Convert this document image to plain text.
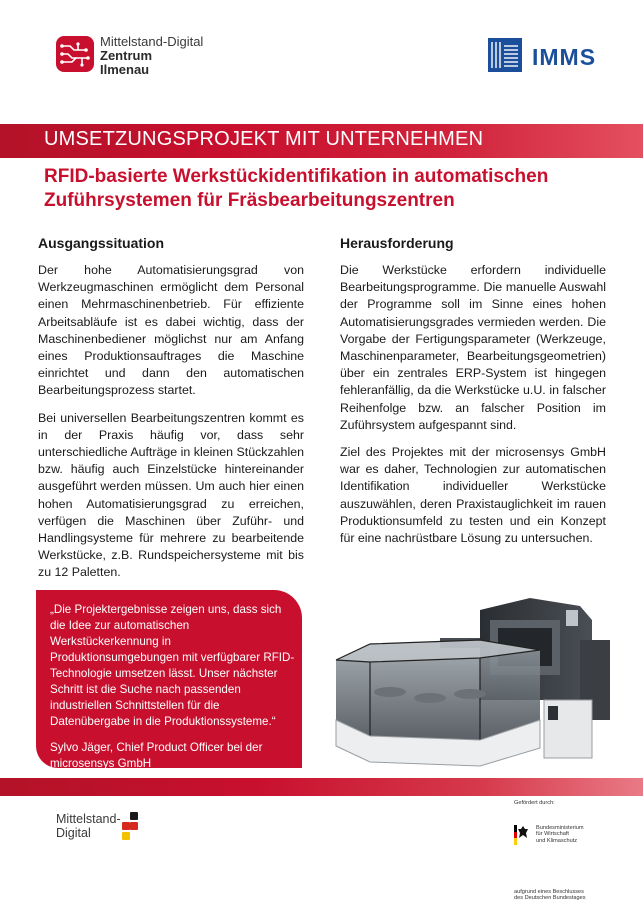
Mittelstand-Digital
Zentrum
Ilmenau	IMMS
UMSETZUNGSPROJEKT MIT UNTERNEHMEN
RFID-basierte Werkstückidentifikation in automatischen
Zuführsystemen für Fräsbearbeitungszentren
Ausgangssituation

Der hohe Automatisierungsgrad von Werkzeugmaschinen ermöglicht dem Personal einen Mehrmaschinenbetrieb. Für effiziente Arbeitsabläufe ist es dabei wichtig, dass der Maschinenbediener möglichst nur am Anfang eines Produktionsauftrages die Maschine einrichtet und dann den automatischen Bearbeitungsprozess startet.

Bei universellen Bearbeitungszentren kommt es in der Praxis häufig vor, dass sehr unterschiedliche Aufträge in kleinen Stückzahlen bzw. häufig auch Einzelstücke hintereinander ausgeführt werden müssen. Um auch hier einen hohen Automatisierungsgrad zu erreichen, verfügen die Maschinen über Zuführ- und Handlingsysteme für mehrere zu bearbeitende Werkstücke, z.B. Rundspeichersysteme mit bis zu 12 Paletten.

Herausforderung

Die Werkstücke erfordern individuelle Bearbeitungsprogramme. Die manuelle Auswahl der Programme soll im Sinne eines hohen Automatisierungsgrades vermieden werden. Die Vorgabe der Fertigungsparameter (Werkzeuge, Maschinenparameter, Bearbeitungsgeometrien) über ein zentrales ERP-System ist hingegen fehleranfällig, da die Werkstücke u.U. in falscher Reihenfolge bzw. an falscher Position im Zuführsystem aufgespannt sind.

Ziel des Projektes mit der microsensys GmbH war es daher, Technologien zur automatischen Identifikation individueller Werkstücke auszuwählen, deren Praxistauglichkeit im rauen Produktionsumfeld zu testen und ein Konzept für eine nachrüstbare Lösung zu untersuchen.

„Die Projektergebnisse zeigen uns, dass sich die Idee zur automatischen Werkstückerkennung in Produktionsumgebungen mit verfügbarer RFID-Technologie umsetzen lässt. Unser nächster Schritt ist die Suche nach passenden industriellen Schnittstellen für die Datenübergabe in die Produktionssysteme.“
Sylvo Jäger, Chief Product Officer bei der microsensys GmbH
Mittelstand-
Digital
Gefördert durch:
Bundesministerium
für Wirtschaft
und Klimaschutz
aufgrund eines Beschlusses
des Deutschen Bundestages
